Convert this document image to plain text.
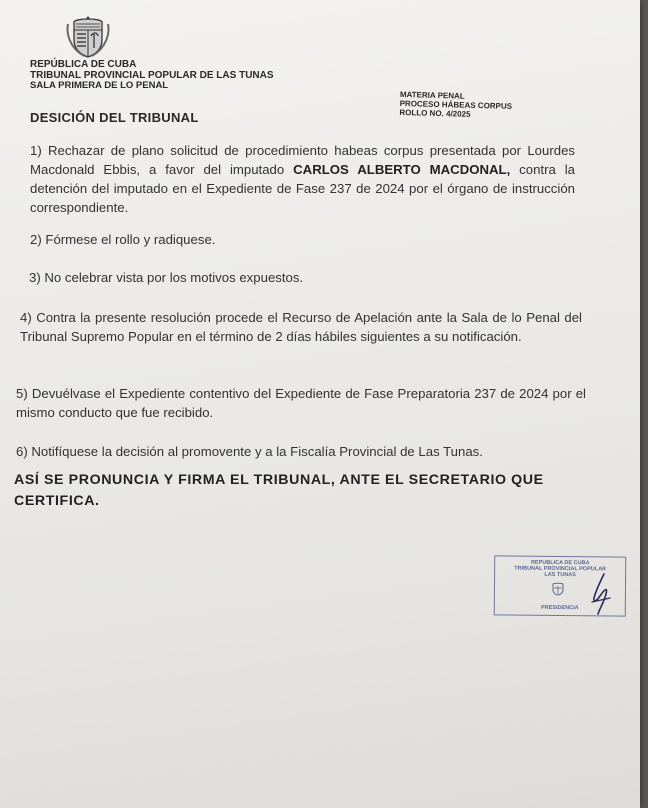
REPÚBLICA DE CUBA
TRIBUNAL PROVINCIAL POPULAR DE LAS TUNAS
SALA PRIMERA DE LO PENAL
MATERIA PENAL
PROCESO HÁBEAS CORPUS
ROLLO NO. 4/2025
DESICIÓN DEL TRIBUNAL
1) Rechazar de plano solicitud de procedimiento habeas corpus presentada por Lourdes Macdonald Ebbis, a favor del imputado CARLOS ALBERTO MACDONAL, contra la detención del imputado en el Expediente de Fase 237 de 2024 por el órgano de instrucción correspondiente.
2) Fórmese el rollo y radiquese.
3) No celebrar vista por los motivos expuestos.
4) Contra la presente resolución procede el Recurso de Apelación ante la Sala de lo Penal del Tribunal Supremo Popular en el término de 2 días hábiles siguientes a su notificación.
5) Devuélvase el Expediente contentivo del Expediente de Fase Preparatoria 237 de 2024 por el mismo conducto que fue recibido.
6) Notifíquese la decisión al promovente y a la Fiscalía Provincial de Las Tunas.
ASÍ SE PRONUNCIA Y FIRMA EL TRIBUNAL, ANTE EL SECRETARIO QUE CERTIFICA.
REPUBLICA DE CUBA
TRIBUNAL PROVINCIAL POPULAR
LAS TUNAS
PRESIDENCIA
